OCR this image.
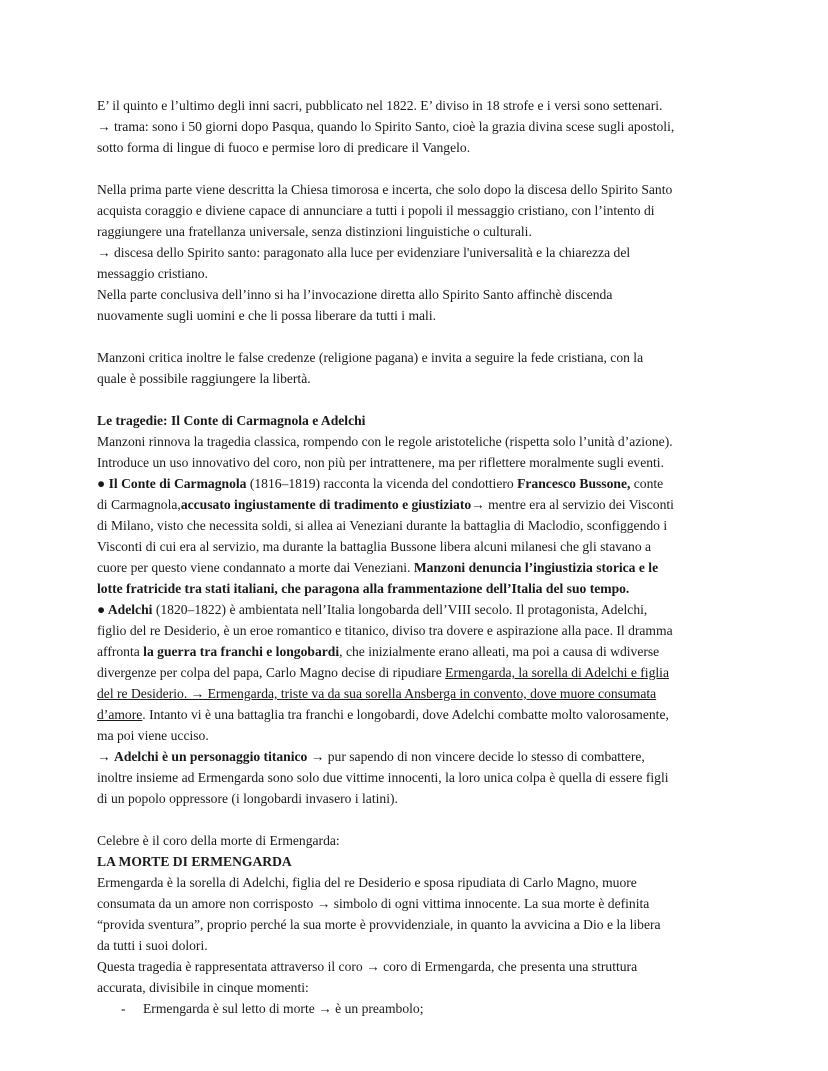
E’ il quinto e l’ultimo degli inni sacri, pubblicato nel 1822. E’ diviso in 18 strofe e i versi sono settenari.

→ trama: sono i 50 giorni dopo Pasqua, quando lo Spirito Santo, cioè la grazia divina scese sugli apostoli,

sotto forma di lingue di fuoco e permise loro di predicare il Vangelo.

Nella prima parte viene descritta la Chiesa timorosa e incerta, che solo dopo la discesa dello Spirito Santo

acquista coraggio e diviene capace di annunciare a tutti i popoli il messaggio cristiano, con l’intento di

raggiungere una fratellanza universale, senza distinzioni linguistiche o culturali.

→ discesa dello Spirito santo: paragonato alla luce per evidenziare l'universalità e la chiarezza del

messaggio cristiano.

Nella parte conclusiva dell’inno si ha l’invocazione diretta allo Spirito Santo affinchè discenda

nuovamente sugli uomini e che li possa liberare da tutti i mali.

Manzoni critica inoltre le false credenze (religione pagana) e invita a seguire la fede cristiana, con la

quale è possibile raggiungere la libertà.

Le tragedie: Il Conte di Carmagnola e Adelchi

Manzoni rinnova la tragedia classica, rompendo con le regole aristoteliche (rispetta solo l’unità d’azione).

Introduce un uso innovativo del coro, non più per intrattenere, ma per riflettere moralmente sugli eventi.

● Il Conte di Carmagnola (1816–1819) racconta la vicenda del condottiero Francesco Bussone, conte

di Carmagnola,accusato ingiustamente di tradimento e giustiziato→ mentre era al servizio dei Visconti

di Milano, visto che necessita soldi, si allea ai Veneziani durante la battaglia di Maclodio, sconfiggendo i

Visconti di cui era al servizio, ma durante la battaglia Bussone libera alcuni milanesi che gli stavano a

cuore per questo viene condannato a morte dai Veneziani. Manzoni denuncia l’ingiustizia storica e le

lotte fratricide tra stati italiani, che paragona alla frammentazione dell’Italia del suo tempo.

● Adelchi (1820–1822) è ambientata nell’Italia longobarda dell’VIII secolo. Il protagonista, Adelchi,

figlio del re Desiderio, è un eroe romantico e titanico, diviso tra dovere e aspirazione alla pace. Il dramma

affronta la guerra tra franchi e longobardi, che inizialmente erano alleati, ma poi a causa di wdiverse

divergenze per colpa del papa, Carlo Magno decise di ripudiare Ermengarda, la sorella di Adelchi e figlia

del re Desiderio. → Ermengarda, triste va da sua sorella Ansberga in convento, dove muore consumata

d’amore. Intanto vi è una battaglia tra franchi e longobardi, dove Adelchi combatte molto valorosamente,

ma poi viene ucciso.

→ Adelchi è un personaggio titanico → pur sapendo di non vincere decide lo stesso di combattere,

inoltre insieme ad Ermengarda sono solo due vittime innocenti, la loro unica colpa è quella di essere figli

di un popolo oppressore (i longobardi invasero i latini).

Celebre è il coro della morte di Ermengarda:

LA MORTE DI ERMENGARDA

Ermengarda è la sorella di Adelchi, figlia del re Desiderio e sposa ripudiata di Carlo Magno, muore

consumata da un amore non corrisposto → simbolo di ogni vittima innocente. La sua morte è definita

“provida sventura”, proprio perché la sua morte è provvidenziale, in quanto la avvicina a Dio e la libera

da tutti i suoi dolori.

Questa tragedia è rappresentata attraverso il coro → coro di Ermengarda, che presenta una struttura

accurata, divisibile in cinque momenti:

-	Ermengarda è sul letto di morte → è un preambolo;
